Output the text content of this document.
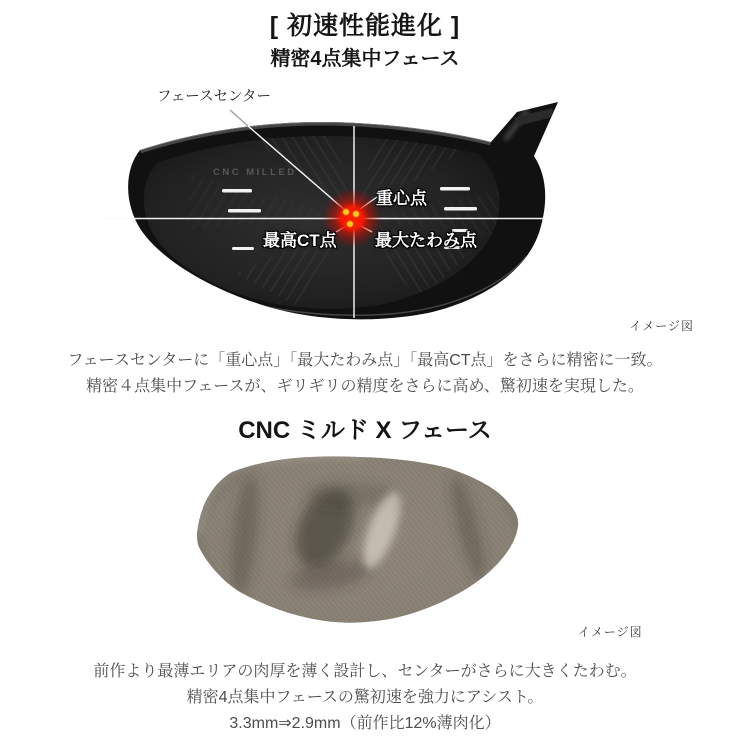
[ 初速性能進化 ]
精密4点集中フェース
CNC MILLED
フェースセンター
重心点
最高CT点 最大たわみ点
イメージ図
フェースセンターに「重心点」「最大たわみ点」「最高CT点」をさらに精密に一致。
精密４点集中フェースが、ギリギリの精度をさらに高め、驚初速を実現した。
CNC ミルド X フェース
イメージ図
前作より最薄エリアの肉厚を薄く設計し、センターがさらに大きくたわむ。
精密4点集中フェースの驚初速を強力にアシスト。
3.3mm⇒2.9mm（前作比12%薄肉化）
